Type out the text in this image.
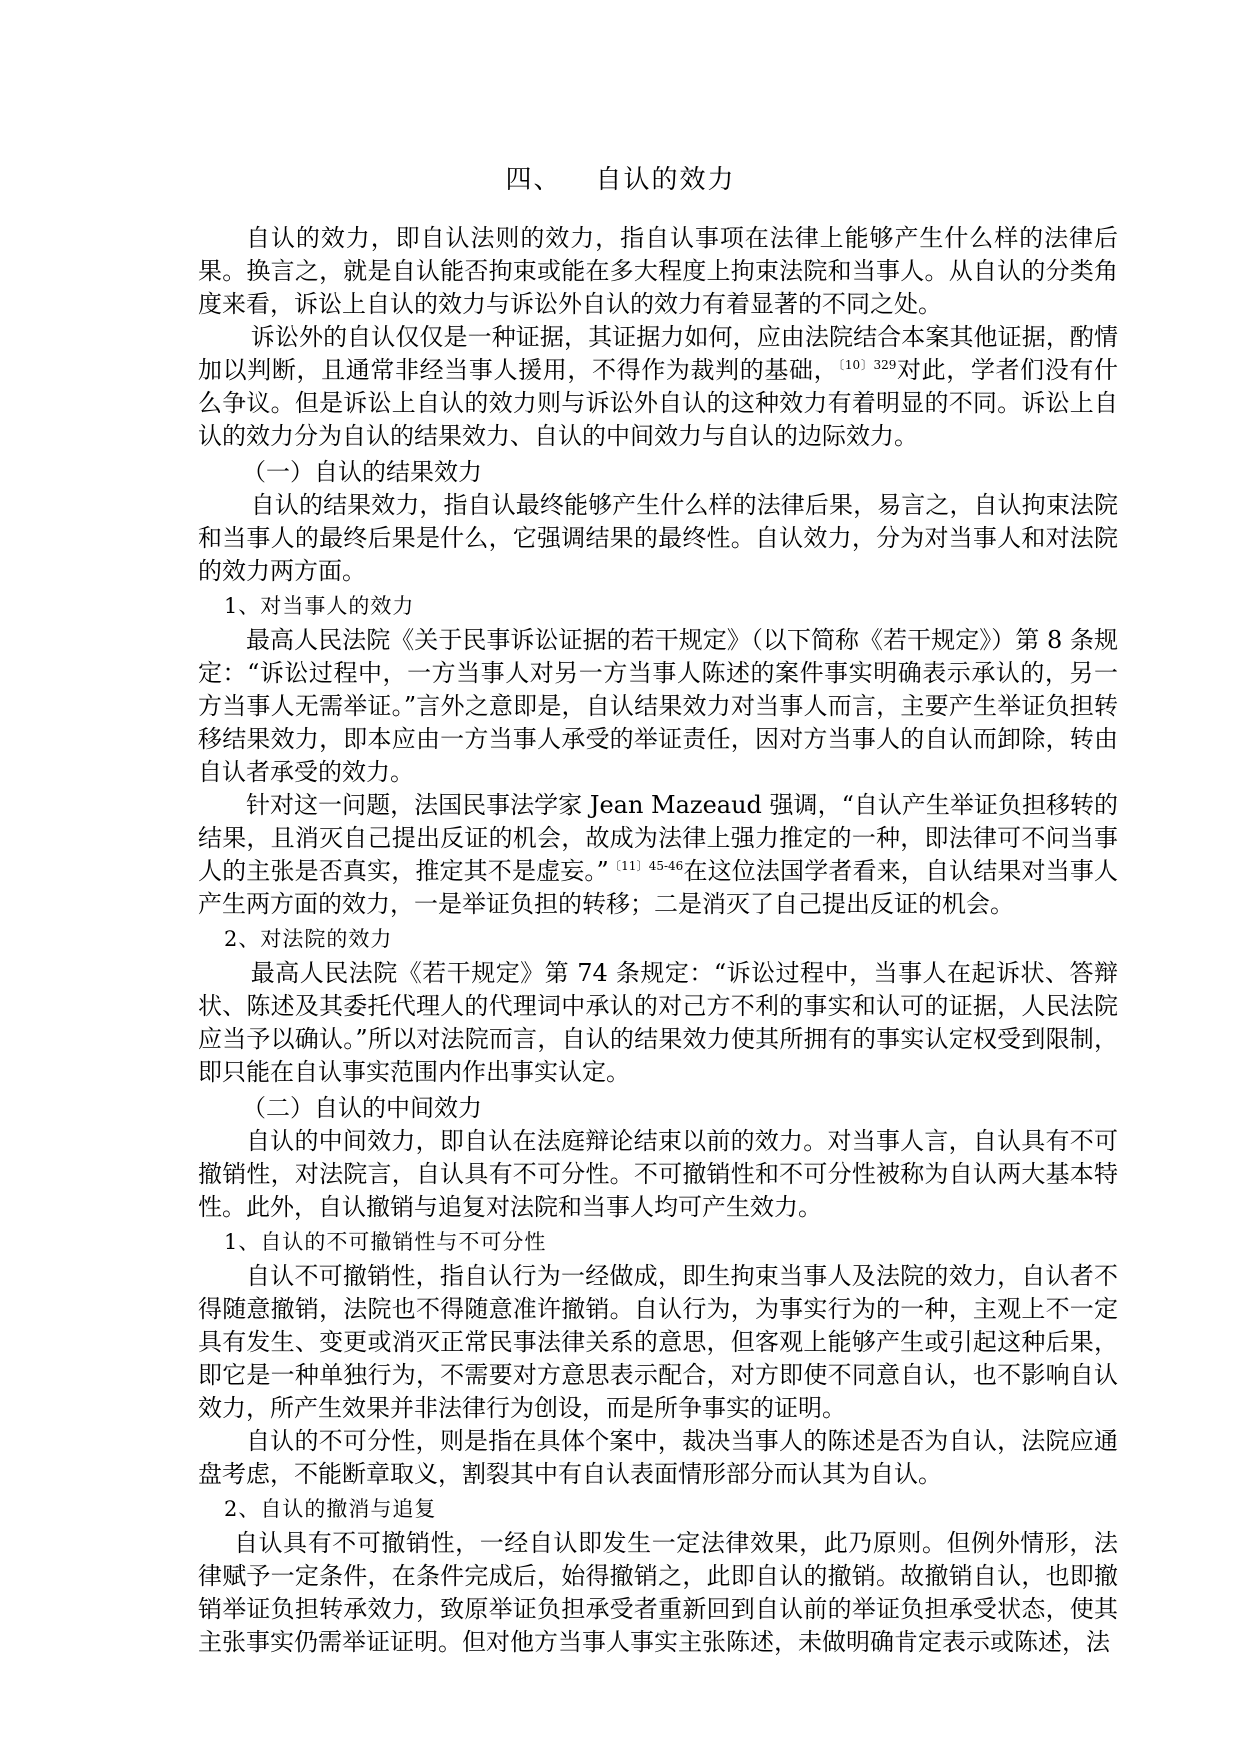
四、 自认的效力

自认的效力，即自认法则的效力，指自认事项在法律上能够产生什么样的法律后果。换言之，就是自认能否拘束或能在多大程度上拘束法院和当事人。从自认的分类角度来看，诉讼上自认的效力与诉讼外自认的效力有着显著的不同之处。

诉讼外的自认仅仅是一种证据，其证据力如何，应由法院结合本案其他证据，酌情加以判断，且通常非经当事人援用，不得作为裁判的基础，$^{〔10〕329}$对此，学者们没有什么争议。但是诉讼上自认的效力则与诉讼外自认的这种效力有着明显的不同。诉讼上自认的效力分为自认的结果效力、自认的中间效力与自认的边际效力。

（一）自认的结果效力

自认的结果效力，指自认最终能够产生什么样的法律后果，易言之，自认拘束法院和当事人的最终后果是什么，它强调结果的最终性。自认效力，分为对当事人和对法院的效力两方面。

1、对当事人的效力

最高人民法院《关于民事诉讼证据的若干规定》（以下简称《若干规定》）第 8 条规定：“诉讼过程中，一方当事人对另一方当事人陈述的案件事实明确表示承认的，另一方当事人无需举证。”言外之意即是，自认结果效力对当事人而言，主要产生举证负担转移结果效力，即本应由一方当事人承受的举证责任，因对方当事人的自认而卸除，转由自认者承受的效力。

针对这一问题，法国民事法学家 Jean Mazeaud 强调，“自认产生举证负担移转的结果，且消灭自己提出反证的机会，故成为法律上强力推定的一种，即法律可不问当事人的主张是否真实，推定其不是虚妄。”$^{〔11〕45-46}$在这位法国学者看来，自认结果对当事人产生两方面的效力，一是举证负担的转移；二是消灭了自己提出反证的机会。

2、对法院的效力

最高人民法院《若干规定》第 74 条规定：“诉讼过程中，当事人在起诉状、答辩状、陈述及其委托代理人的代理词中承认的对己方不利的事实和认可的证据，人民法院应当予以确认。”所以对法院而言，自认的结果效力使其所拥有的事实认定权受到限制，即只能在自认事实范围内作出事实认定。

（二）自认的中间效力

自认的中间效力，即自认在法庭辩论结束以前的效力。对当事人言，自认具有不可撤销性，对法院言，自认具有不可分性。不可撤销性和不可分性被称为自认两大基本特性。此外，自认撤销与追复对法院和当事人均可产生效力。

1、自认的不可撤销性与不可分性

自认不可撤销性，指自认行为一经做成，即生拘束当事人及法院的效力，自认者不得随意撤销，法院也不得随意准许撤销。自认行为，为事实行为的一种，主观上不一定具有发生、变更或消灭正常民事法律关系的意思，但客观上能够产生或引起这种后果，即它是一种单独行为，不需要对方意思表示配合，对方即使不同意自认，也不影响自认效力，所产生效果并非法律行为创设，而是所争事实的证明。

自认的不可分性，则是指在具体个案中，裁决当事人的陈述是否为自认，法院应通盘考虑，不能断章取义，割裂其中有自认表面情形部分而认其为自认。

2、自认的撤消与追复

自认具有不可撤销性，一经自认即发生一定法律效果，此乃原则。但例外情形，法律赋予一定条件，在条件完成后，始得撤销之，此即自认的撤销。故撤销自认，也即撤销举证负担转承效力，致原举证负担承受者重新回到自认前的举证负担承受状态，使其主张事实仍需举证证明。但对他方当事人事实主张陈述，未做明确肯定表示或陈述，法
